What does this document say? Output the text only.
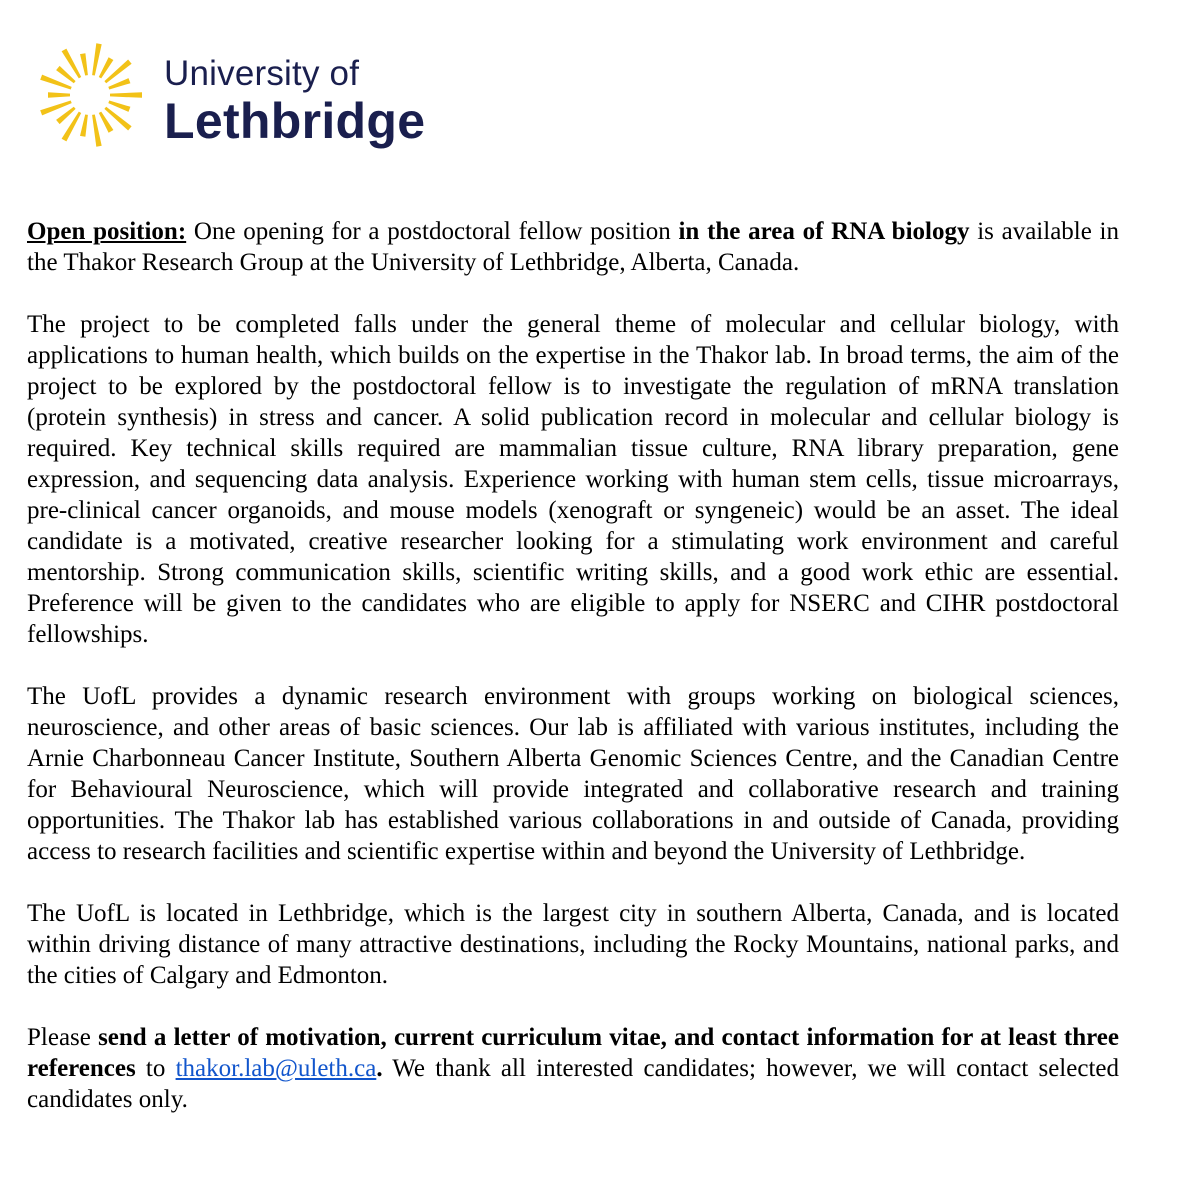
University of
Lethbridge

Open position: One opening for a postdoctoral fellow position in the area of RNA biology is available in the Thakor Research Group at the University of Lethbridge, Alberta, Canada.

The project to be completed falls under the general theme of molecular and cellular biology, with applications to human health, which builds on the expertise in the Thakor lab. In broad terms, the aim of the project to be explored by the postdoctoral fellow is to investigate the regulation of mRNA translation (protein synthesis) in stress and cancer. A solid publication record in molecular and cellular biology is required. Key technical skills required are mammalian tissue culture, RNA library preparation, gene expression, and sequencing data analysis. Experience working with human stem cells, tissue microarrays, pre-clinical cancer organoids, and mouse models (xenograft or syngeneic) would be an asset. The ideal candidate is a motivated, creative researcher looking for a stimulating work environment and careful mentorship. Strong communication skills, scientific writing skills, and a good work ethic are essential. Preference will be given to the candidates who are eligible to apply for NSERC and CIHR postdoctoral fellowships.

The UofL provides a dynamic research environment with groups working on biological sciences, neuroscience, and other areas of basic sciences. Our lab is affiliated with various institutes, including the Arnie Charbonneau Cancer Institute, Southern Alberta Genomic Sciences Centre, and the Canadian Centre for Behavioural Neuroscience, which will provide integrated and collaborative research and training opportunities. The Thakor lab has established various collaborations in and outside of Canada, providing access to research facilities and scientific expertise within and beyond the University of Lethbridge.

The UofL is located in Lethbridge, which is the largest city in southern Alberta, Canada, and is located within driving distance of many attractive destinations, including the Rocky Mountains, national parks, and the cities of Calgary and Edmonton.

Please send a letter of motivation, current curriculum vitae, and contact information for at least three references to thakor.lab@uleth.ca. We thank all interested candidates; however, we will contact selected candidates only.
